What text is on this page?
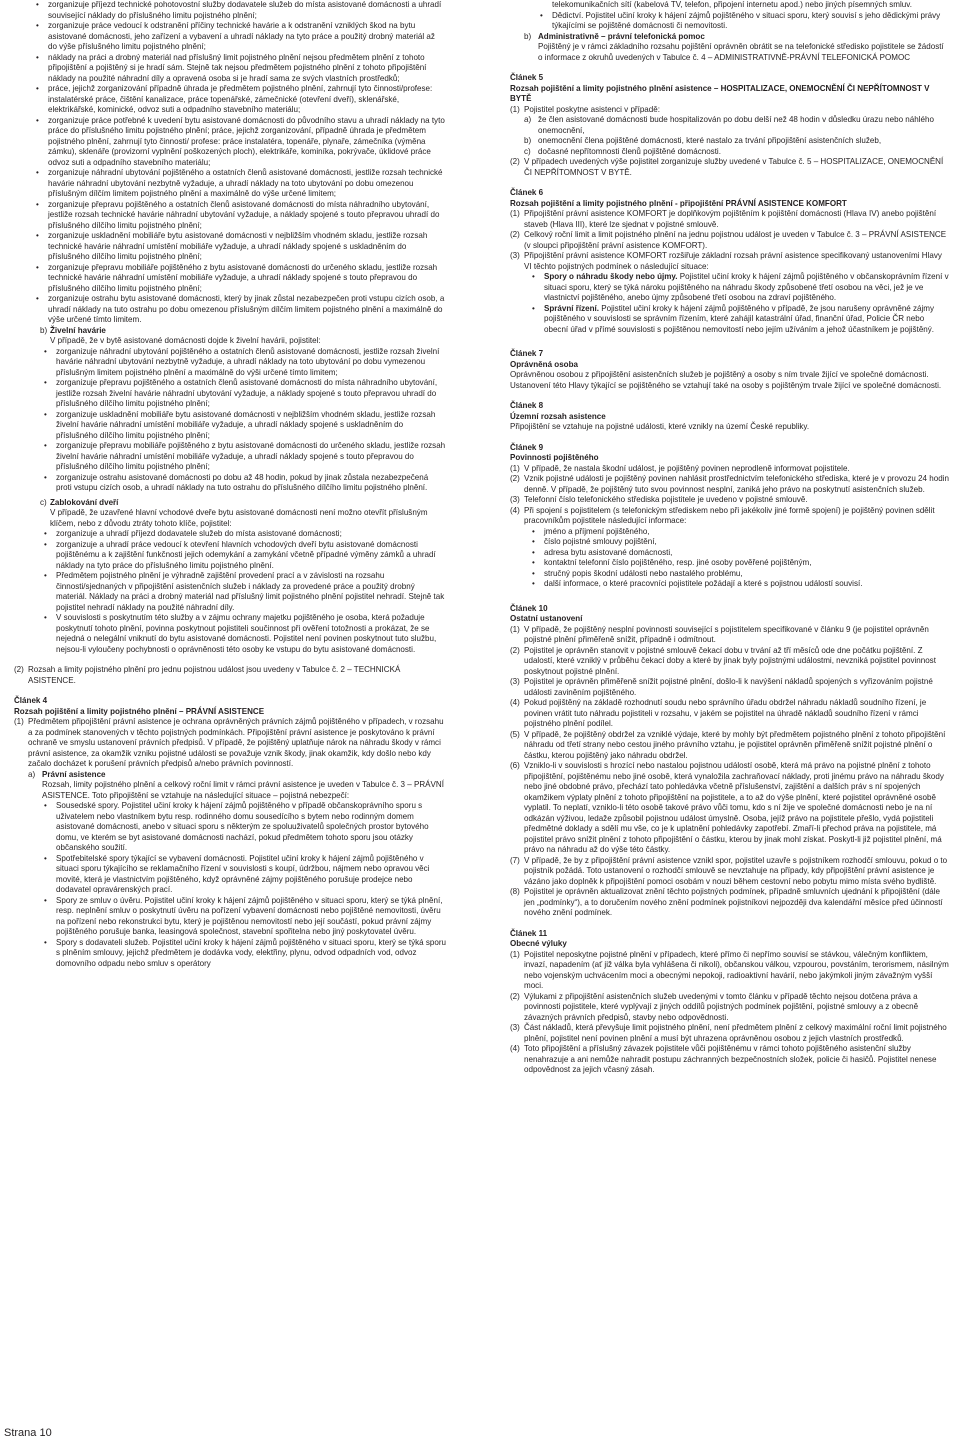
• zorganizuje příjezd technické pohotovostní služby dodavatele služeb do místa asistované domácnosti a uhradí související náklady do příslušného limitu pojistného plnění;
• zorganizuje práce vedoucí k odstranění příčiny technické havárie a k odstranění vzniklých škod na bytu asistované domácnosti, jeho zařízení a vybavení a uhradí náklady na tyto práce a použitý drobný materiál až do výše příslušného limitu pojistného plnění;
• náklady na práci a drobný materiál nad příslušný limit pojistného plnění nejsou předmětem plnění z tohoto připojištění a pojištěný si je hradí sám. Stejně tak nejsou předmětem pojistného plnění z tohoto připojištění náklady na použité náhradní díly a opravená osoba si je hradí sama ze svých vlastních prostředků;
• práce, jejichž zorganizování případně úhrada je předmětem pojistného plnění, zahrnují tyto činnosti/profese: instalatérské práce, čištění kanalizace, práce topenářské, zámečnické (otevření dveří), sklenářské, elektrikářské, kominické, odvoz suti a odpadního stavebního materiálu;
• zorganizuje práce potřebné k uvedení bytu asistované domácnosti do původního stavu a uhradí náklady na tyto práce do příslušného limitu pojistného plnění; práce, jejichž zorganizování, případně úhrada je předmětem pojistného plnění, zahrnují tyto činnosti/ profese: práce instalatéra, topenáře, plynaře, zámečníka (výměna zámku), sklenáře (provizorní vyplnění poškozených ploch), elektrikáře, kominíka, pokrývače, úklidové práce odvoz suti a odpadního stavebního materiálu;
• zorganizuje náhradní ubytování pojištěného a ostatních členů asistované domácnosti, jestliže rozsah technické havárie náhradní ubytování nezbytně vyžaduje, a uhradí náklady na toto ubytování po dobu omezenou příslušným dílčím limitem pojistného plnění a maximálně do výše určené limitem;
• zorganizuje přepravu pojištěného a ostatních členů asistované domácnosti do místa náhradního ubytování, jestliže rozsah technické havárie náhradní ubytování vyžaduje, a náklady spojené s touto přepravou uhradí do příslušného dílčího limitu pojistného plnění;
• zorganizuje uskladnění mobiliáře bytu asistované domácnosti v nejbližším vhodném skladu, jestliže rozsah technické havárie náhradní umístění mobiliáře vyžaduje, a uhradí náklady spojené s uskladněním do příslušného dílčího limitu pojistného plnění;
• zorganizuje přepravu mobiliáře pojištěného z bytu asistované domácnosti do určeného skladu, jestliže rozsah technické havárie náhradní umístění mobiliáře vyžaduje, a uhradí náklady spojené s touto přepravou do příslušného dílčího limitu pojistného plnění;
• zorganizuje ostrahu bytu asistované domácnosti, který by jinak zůstal nezabezpečen proti vstupu cizích osob, a uhradí náklady na tuto ostrahu po dobu omezenou příslušným dílčím limitem pojistného plnění a maximálně do výše určené tímto limitem.
b) Živelní havárie

V případě, že v bytě asistované domácnosti dojde k živelní havárii, pojistitel:

• zorganizuje náhradní ubytování pojištěného a ostatních členů asistované domácnosti, jestliže rozsah živelní havárie náhradní ubytování nezbytně vyžaduje, a uhradí náklady na toto ubytování po dobu vymezenou příslušným limitem pojistného plnění a maximálně do výši určené tímto limitem;
• zorganizuje přepravu pojištěného a ostatních členů asistované domácnosti do místa náhradního ubytování, jestliže rozsah živelní havárie náhradní ubytování vyžaduje, a náklady spojené s touto přepravou uhradí do příslušného dílčího limitu pojistného plnění;
• zorganizuje uskladnění mobiliáře bytu asistované domácnosti v nejbližším vhodném skladu, jestliže rozsah živelní havárie náhradní umístění mobiliáře vyžaduje, a uhradí náklady spojené s uskladněním do příslušného dílčího limitu pojistného plnění;
• zorganizuje přepravu mobiliáře pojištěného z bytu asistované domácnosti do určeného skladu, jestliže rozsah živelní havárie náhradní umístění mobiliáře vyžaduje, a uhradí náklady spojené s touto přepravou do příslušného dílčího limitu pojistného plnění;
• zorganizuje ostrahu asistované domácnosti po dobu až 48 hodin, pokud by jinak zůstala nezabezpečená proti vstupu cizích osob, a uhradí náklady na tuto ostrahu do příslušného dílčího limitu pojistného plnění.
c) Zablokování dveří

V případě, že uzavřené hlavní vchodové dveře bytu asistované domácnosti není možno otevřít příslušným klíčem, nebo z důvodu ztráty tohoto klíče, pojistitel:

• zorganizuje a uhradí příjezd dodavatele služeb do místa asistované domácnosti;
• zorganizuje a uhradí práce vedoucí k otevření hlavních vchodových dveří bytu asistované domácnosti pojištěnému a k zajištění funkčnosti jejich odemykání a zamykání včetně případné výměny zámků a uhradí náklady na tyto práce do příslušného limitu pojistného plnění.
• Předmětem pojistného plnění je výhradně zajištění provedení prací a v závislosti na rozsahu činnosti/sjednaných v připojištění asistenčních služeb i náklady za provedené práce a použitý drobný materiál. Náklady na práci a drobný materiál nad příslušný limit pojistného plnění pojistitel nehradí. Stejně tak pojistitel nehradí náklady na použité náhradní díly.
• V souvislosti s poskytnutím této služby a v zájmu ochrany majetku pojištěného je osoba, která požaduje poskytnutí tohoto plnění, povinna poskytnout pojistiteli součinnost při ověření totožnosti a prokázat, že se nejedná o nelegální vniknutí do bytu asistované domácnosti. Pojistitel není povinen poskytnout tuto službu, nejsou-li vyloučeny pochybnosti o oprávněnosti této osoby ke vstupu do bytu asistované domácnosti.
(2) Rozsah a limity pojistného plnění pro jednu pojistnou událost jsou uvedeny v Tabulce č. 2 – TECHNICKÁ ASISTENCE.

Článek 4

Rozsah pojištění a limity pojistného plnění – PRÁVNÍ ASISTENCE

(1) Předmětem připojištění právní asistence je ochrana oprávněných právních zájmů pojištěného v případech, v rozsahu a za podmínek stanovených v těchto pojistných podmínkách. Připojištění právní asistence je poskytováno k právní ochraně ve smyslu ustanovení právních předpisů. V případě, že pojištěný uplatňuje nárok na náhradu škody v rámci právní asistence, za okamžik vzniku pojistné události se považuje vznik škody, jinak okamžik, kdy došlo nebo kdy začalo docházet k porušení právních předpisů a/nebo právních povinností.

a) Právní asistence

Rozsah, limity pojistného plnění a celkový roční limit v rámci právní asistence je uveden v Tabulce č. 3 – PRÁVNÍ ASISTENCE. Toto připojištění se vztahuje na následující situace – pojistná nebezpečí:

• Sousedské spory. Pojistitel učiní kroky k hájení zájmů pojištěného v případě občanskoprávního sporu s uživatelem nebo vlastníkem bytu resp. rodinného domu sousedícího s bytem nebo rodinným domem asistované domácnosti, anebo v situaci sporu s některým ze spoluuživatelů společných prostor bytového domu, ve kterém se byt asistované domácnosti nachází, pokud předmětem tohoto sporu jsou otázky občanského soužití.
• Spotřebitelské spory týkající se vybavení domácnosti. Pojistitel učiní kroky k hájení zájmů pojištěného v situaci sporu týkajícího se reklamačního řízení v souvislosti s koupí, údržbou, nájmem nebo opravou věci movité, která je vlastnictvím pojištěného, když oprávněné zájmy pojištěného porušuje prodejce nebo dodavatel opravárenských prací.
• Spory ze smluv o úvěru. Pojistitel učiní kroky k hájení zájmů pojištěného v situaci sporu, který se týká plnění, resp. neplnění smluv o poskytnutí úvěru na pořízení vybavení domácnosti nebo pojištěné nemovitosti, úvěru na pořízení nebo rekonstrukci bytu, který je pojištěnou nemovitostí nebo její součástí, pokud právní zájmy pojištěného porušuje banka, leasingová společnost, stavební spořitelna nebo jiný poskytovatel úvěru.
• Spory s dodavateli služeb. Pojistitel učiní kroky k hájení zájmů pojištěného v situaci sporu, který se týká sporu s plněním smlouvy, jejichž předmětem je dodávka vody, elektřiny, plynu, odvod odpadních vod, odvoz domovního odpadu nebo smluv s operátory
telekomunikačních sítí (kabelová TV, telefon, připojení internetu apod.) nebo jiných písemných smluv.
• Dědictví. Pojistitel učiní kroky k hájení zájmů pojištěného v situaci sporu, který souvisí s jeho dědickými právy týkajícími se pojištěné domácnosti či nemovitosti.
b) Administrativně – právní telefonická pomoc

Pojištěný je v rámci základního rozsahu pojištění oprávněn obrátit se na telefonické středisko pojistitele se žádostí o informace z okruhů uvedených v Tabulce č. 4 – ADMINISTRATIVNĚ-PRÁVNÍ TELEFONICKÁ POMOC

Článek 5

Rozsah pojištění a limity pojistného plnění asistence – HOSPITALIZACE, ONEMOCNĚNÍ ČI NEPŘÍTOMNOST V BYTĚ

(1) Pojistitel poskytne asistenci v případě:

a) že člen asistované domácnosti bude hospitalizován po dobu delší než 48 hodin v důsledku úrazu nebo náhlého onemocnění,

b) onemocnění člena pojištěné domácnosti, které nastalo za trvání připojištění asistenčních služeb,

c) dočasné nepřítomnosti členů pojištěné domácnosti.

(2) V případech uvedených výše pojistitel zorganizuje služby uvedené v Tabulce č. 5 – HOSPITALIZACE, ONEMOCNĚNÍ ČI NEPŘÍTOMNOST V BYTĚ.

Článek 6

Rozsah pojištění a limity pojistného plnění - připojištění PRÁVNÍ ASISTENCE KOMFORT

(1) Připojištění právní asistence KOMFORT je doplňkovým pojištěním k pojištění domácnosti (Hlava IV) anebo pojištění staveb (Hlava III), které lze sjednat v pojistné smlouvě.

(2) Celkový roční limit a limit pojistného plnění na jednu pojistnou událost je uveden v Tabulce č. 3 – PRÁVNÍ ASISTENCE (v sloupci připojištění právní asistence KOMFORT).

(3) Připojištění právní asistence KOMFORT rozšiřuje základní rozsah právní asistence specifikovaný ustanoveními Hlavy VI těchto pojistných podmínek o následující situace:

• Spory o náhradu škody nebo újmy. Pojistitel učiní kroky k hájení zájmů pojištěného v občanskoprávním řízení v situaci sporu, který se týká nároku pojištěného na náhradu škody způsobené třetí osobou na věci, jež je ve vlastnictví pojištěného, anebo újmy způsobené třetí osobou na zdraví pojištěného.
• Správní řízení. Pojistitel učiní kroky k hájení zájmů pojištěného v případě, že jsou narušeny oprávněné zájmy pojištěného v souvislosti se správním řízením, které zahájil katastrální úřad, finanční úřad, Policie ČR nebo obecní úřad v přímé souvislosti s pojištěnou nemovitostí nebo jejím užíváním a jehož účastníkem je pojištěný.

Článek 7

Oprávněná osoba

Oprávněnou osobou z připojištění asistenčních služeb je pojištěný a osoby s ním trvale žijící ve společné domácnosti. Ustanovení této Hlavy týkající se pojištěného se vztahují také na osoby s pojištěným trvale žijící ve společné domácnosti.

Článek 8

Územní rozsah asistence

Připojištění se vztahuje na pojistné události, které vznikly na území České republiky.

Článek 9

Povinnosti pojištěného

(1) V případě, že nastala škodní událost, je pojištěný povinen neprodleně informovat pojistitele.

(2) Vznik pojistné události je pojištěný povinen nahlásit prostřednictvím telefonického střediska, které je v provozu 24 hodin denně. V případě, že pojištěný tuto svou povinnost nesplní, zaniká jeho právo na poskytnutí asistenčních služeb.

(3) Telefonní číslo telefonického střediska pojistitele je uvedeno v pojistné smlouvě.

(4) Při spojení s pojistitelem (s telefonickým střediskem nebo při jakékoliv jiné formě spojení) je pojištěný povinen sdělit pracovníkům pojistitele následující informace:

• jméno a příjmení pojištěného,
• číslo pojistné smlouvy pojištění,
• adresa bytu asistované domácnosti,
• kontaktní telefonní číslo pojištěného, resp. jiné osoby pověřené pojištěným,
• stručný popis škodní události nebo nastalého problému,
• další informace, o které pracovníci pojistitele požádají a které s pojistnou událostí souvisí.

Článek 10

Ostatní ustanovení

(1) V případě, že pojištěný nesplní povinnosti související s pojistitelem specifikované v článku 9 (je pojistitel oprávněn pojistné plnění přiměřeně snížit, případně i odmítnout.

(2) Pojistitel je oprávněn stanovit v pojistné smlouvě čekací dobu v trvání až tří měsíců ode dne počátku pojištění. Z udalostí, které vzniklý v průběhu čekací doby a které by jinak byly pojistnými událostmi, nevzniká pojistitel povinnost poskytnout pojistné plnění.

(3) Pojistitel je oprávněn přiměřeně snížit pojistné plnění, došlo-li k navýšení nákladů spojených s vyřizováním pojistné události zaviněním pojištěného.

(4) Pokud pojištěný na základě rozhodnutí soudu nebo správního úřadu obdržel náhradu nákladů soudního řízení, je povinen vrátit tuto náhradu pojistiteli v rozsahu, v jakém se pojistitel na úhradě nákladů soudního řízení v rámci pojistného plnění podílel.

(5) V případě, že pojištěný obdržel za vzniklé výdaje, které by mohly být předmětem pojistného plnění z tohoto připojištění náhradu od třetí strany nebo cestou jiného právního vztahu, je pojistitel oprávněn přiměřeně snížit pojistné plnění o částku, kterou pojištěný jako náhradu obdržel.

(6) Vzniklo-li v souvislosti s hrozící nebo nastalou pojistnou událostí osobě, která má právo na pojistné plnění z tohoto připojištění, pojištěnému nebo jiné osobě, která vynaložila zachraňovací náklady, proti jinému právo na náhradu škody nebo jiné obdobné právo, přechází tato pohledávka včetně příslušenství, zajištění a dalších práv s ní spojených okamžikem výplaty plnění z tohoto připojištění na pojistitele, a to až do výše plnění, které pojistitel oprávněné osobě vyplatil. To neplatí, vzniklo-li této osobě takové právo vůči tomu, kdo s ní žije ve společné domácnosti nebo je na ní odkázán výživou, ledaže způsobil pojistnou událost úmyslně. Osoba, jejíž právo na pojistitele přešlo, vydá pojistiteli předmětné doklady a sdělí mu vše, co je k uplatnění pohledávky zapotřebí. Zmaří-li přechod práva na pojistitele, má pojistitel právo snížit plnění z tohoto připojištění o částku, kterou by jinak mohl získat. Poskytl-li již pojistitel plnění, má právo na náhradu až do výše této částky.

(7) V případě, že by z připojištění právní asistence vznikl spor, pojistitel uzavře s pojistníkem rozhodčí smlouvu, pokud o to pojistník požádá. Toto ustanovení o rozhodčí smlouvě se nevztahuje na případy, kdy připojištění právní asistence je vázáno jako doplněk k připojištění pomoci osobám v nouzi během cestovní nebo pobytu mimo místa svého bydliště.

(8) Pojistitel je oprávněn aktualizovat znění těchto pojistných podmínek, případně smluvních ujednání k připojištění (dále jen „podmínky“), a to doručením nového znění podmínek pojistníkovi nejpozději dva kalendářní měsíce před účinností nového znění podmínek.

Článek 11

Obecné výluky

(1) Pojistitel neposkytne pojistné plnění v případech, které přímo či nepřímo souvisí se stávkou, válečným konfliktem, invazí, napadením (ať již válka byla vyhlášena či nikoli), občanskou válkou, vzpourou, povstáním, terorismem, násilným nebo vojenským uchvácením moci a obecnými nepokoji, radioaktivní havárií, nebo jakýmkoli jiným závažným vyšší moci.

(2) Výlukami z připojištění asistenčních služeb uvedenými v tomto článku v případě těchto nejsou dotčena práva a povinnosti pojistitele, které vyplývají z jiných oddílů pojistných podmínek pojištění, pojistné smlouvy a z obecně závazných právních předpisů, stavby nebo odpovědnosti.

(3) Část nákladů, která převyšuje limit pojistného plnění, není předmětem plnění z celkový maximální roční limit pojistného plnění, pojistitel není povinen plnění a musí být uhrazena oprávněnou osobou z jejich vlastních prostředků.

(4) Toto připojištění a příslušný závazek pojistitele vůči pojištěnému v rámci tohoto pojištěného asistenční služby nenahrazuje a ani nemůže nahradit postupu záchranných bezpečnostních složek, policie či hasičů. Pojistitel nenese odpovědnost za jejich včasný zásah.

Strana 10
